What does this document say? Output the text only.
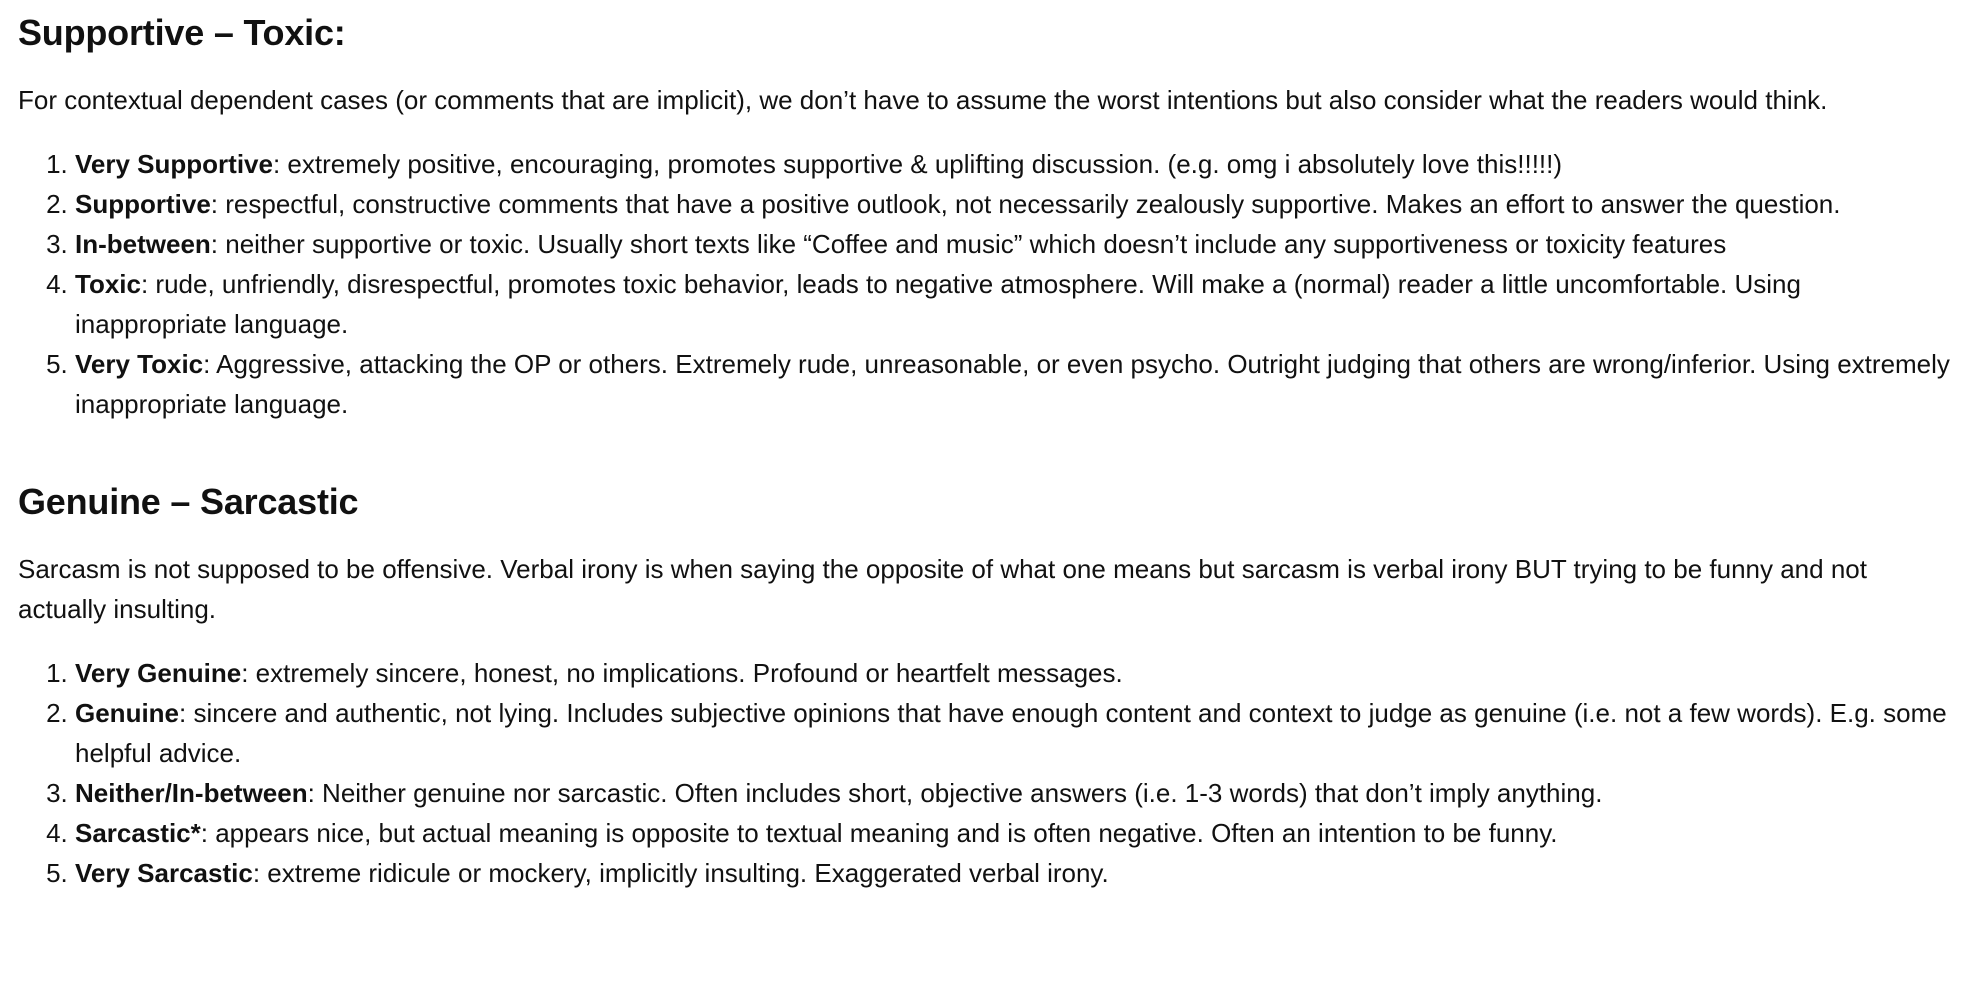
Supportive – Toxic:

For contextual dependent cases (or comments that are implicit), we don’t have to assume the worst intentions but also consider what the readers would think.

1. Very Supportive: extremely positive, encouraging, promotes supportive & uplifting discussion. (e.g. omg i absolutely love this!!!!!)
2. Supportive: respectful, constructive comments that have a positive outlook, not necessarily zealously supportive. Makes an effort to answer the question.
3. In-between: neither supportive or toxic. Usually short texts like “Coffee and music” which doesn’t include any supportiveness or toxicity features
4. Toxic: rude, unfriendly, disrespectful, promotes toxic behavior, leads to negative atmosphere. Will make a (normal) reader a little uncomfortable. Using inappropriate language.
5. Very Toxic: Aggressive, attacking the OP or others. Extremely rude, unreasonable, or even psycho. Outright judging that others are wrong/inferior. Using extremely inappropriate language.
Genuine – Sarcastic

Sarcasm is not supposed to be offensive. Verbal irony is when saying the opposite of what one means but sarcasm is verbal irony BUT trying to be funny and not actually insulting.

1. Very Genuine: extremely sincere, honest, no implications. Profound or heartfelt messages.
2. Genuine: sincere and authentic, not lying. Includes subjective opinions that have enough content and context to judge as genuine (i.e. not a few words). E.g. some helpful advice.
3. Neither/In-between: Neither genuine nor sarcastic. Often includes short, objective answers (i.e. 1-3 words) that don’t imply anything.
4. Sarcastic*: appears nice, but actual meaning is opposite to textual meaning and is often negative. Often an intention to be funny.
5. Very Sarcastic: extreme ridicule or mockery, implicitly insulting. Exaggerated verbal irony.
